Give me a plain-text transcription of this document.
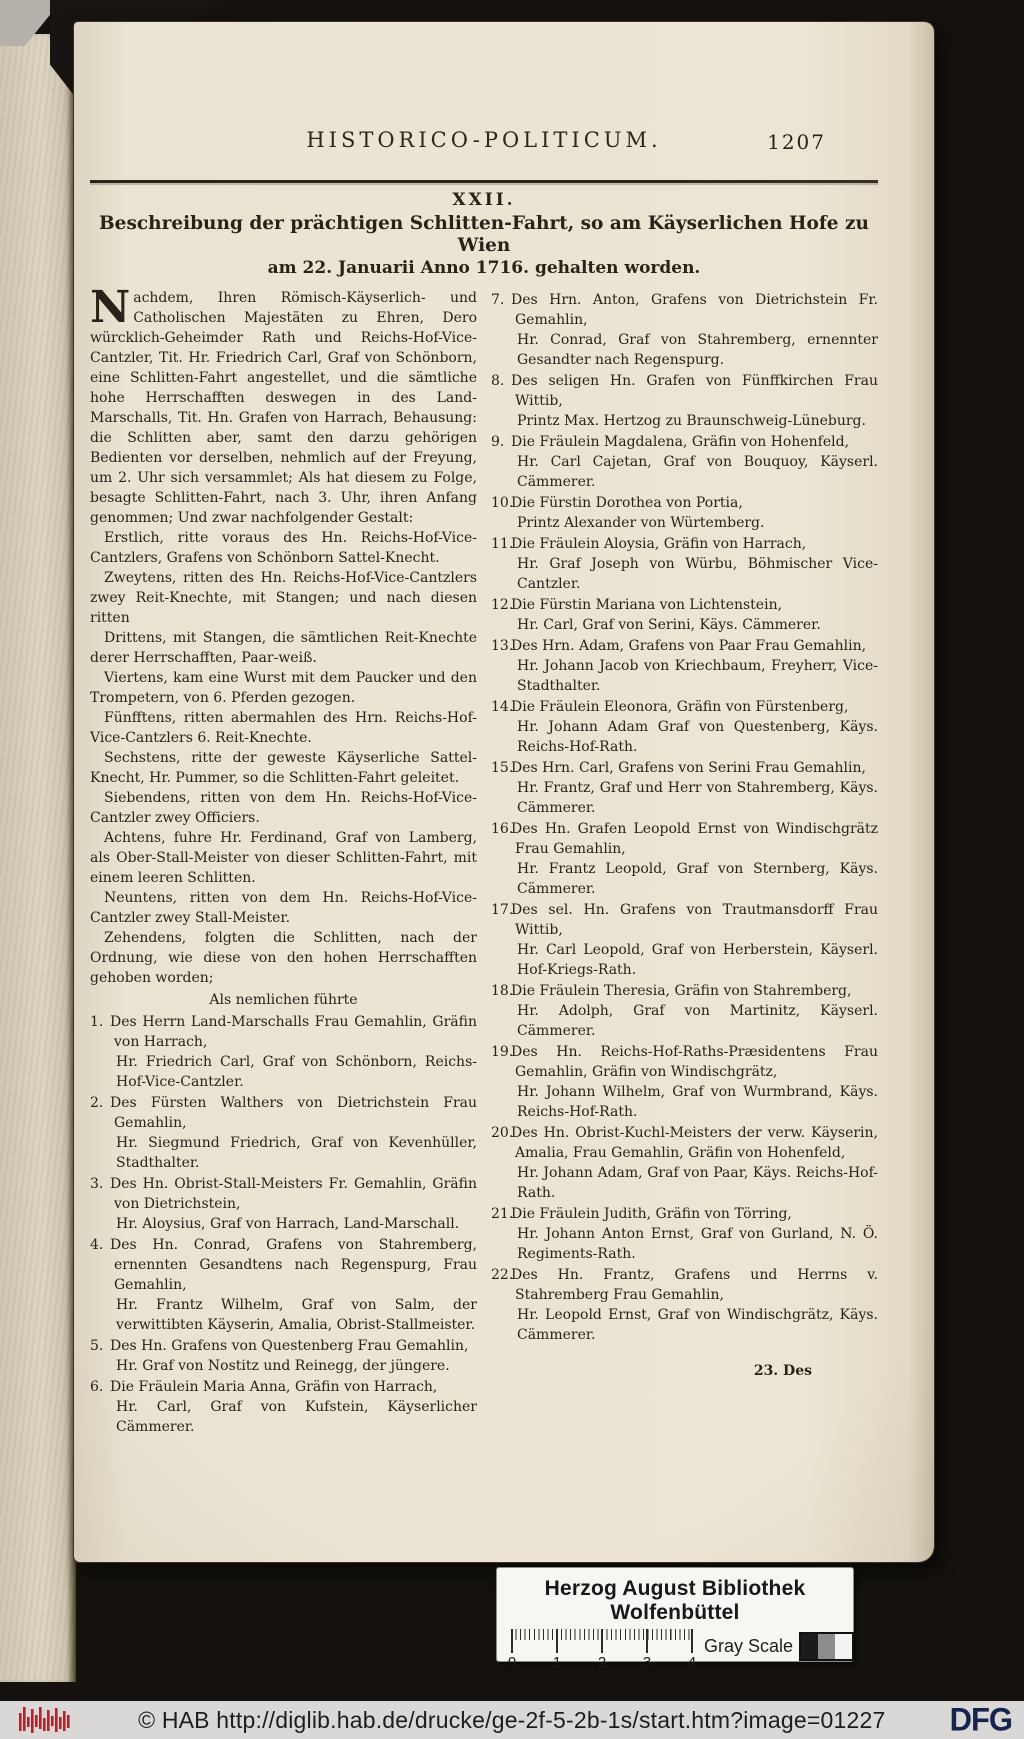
HISTORICO-POLITICUM.	1207
XXII.
Beschreibung der prächtigen Schlitten-Fahrt, so am Käyserlichen Hofe zu Wien
am 22. Januarii Anno 1716. gehalten worden.

Nachdem, Ihren Römisch-Käyserlich- und Catholischen Majestäten zu Ehren, Dero würcklich-Geheimder Rath und Reichs-Hof-Vice-Cantzler, Tit. Hr. Friedrich Carl, Graf von Schönborn, eine Schlitten-Fahrt angestellet, und die sämtliche hohe Herrschafften deswegen in des Land-Marschalls, Tit. Hn. Grafen von Harrach, Behausung: die Schlitten aber, samt den darzu gehörigen Bedienten vor derselben, nehmlich auf der Freyung, um 2. Uhr sich versammlet; Als hat diesem zu Folge, besagte Schlitten-Fahrt, nach 3. Uhr, ihren Anfang genommen; Und zwar nachfolgender Gestalt:

Erstlich, ritte voraus des Hn. Reichs-Hof-Vice-Cantzlers, Grafens von Schönborn Sattel-Knecht.

Zweytens, ritten des Hn. Reichs-Hof-Vice-Cantzlers zwey Reit-Knechte, mit Stangen; und nach diesen ritten

Drittens, mit Stangen, die sämtlichen Reit-Knechte derer Herrschafften, Paar-weiß.

Viertens, kam eine Wurst mit dem Paucker und den Trompetern, von 6. Pferden gezogen.

Fünfftens, ritten abermahlen des Hrn. Reichs-Hof-Vice-Cantzlers 6. Reit-Knechte.

Sechstens, ritte der geweste Käyserliche Sattel-Knecht, Hr. Pummer, so die Schlitten-Fahrt geleitet.

Siebendens, ritten von dem Hn. Reichs-Hof-Vice-Cantzler zwey Officiers.

Achtens, fuhre Hr. Ferdinand, Graf von Lamberg, als Ober-Stall-Meister von dieser Schlitten-Fahrt, mit einem leeren Schlitten.

Neuntens, ritten von dem Hn. Reichs-Hof-Vice-Cantzler zwey Stall-Meister.

Zehendens, folgten die Schlitten, nach der Ordnung, wie diese von den hohen Herrschafften gehoben worden;

Als nemlichen führte
1. Des Herrn Land-Marschalls Frau Gemahlin, Gräfin von Harrach,
Hr. Friedrich Carl, Graf von Schönborn, Reichs-Hof-Vice-Cantzler.
2. Des Fürsten Walthers von Dietrichstein Frau Gemahlin,
Hr. Siegmund Friedrich, Graf von Kevenhüller, Stadthalter.
3. Des Hn. Obrist-Stall-Meisters Fr. Gemahlin, Gräfin von Dietrichstein,
Hr. Aloysius, Graf von Harrach, Land-Marschall.
4. Des Hn. Conrad, Grafens von Stahremberg, ernennten Gesandtens nach Regenspurg, Frau Gemahlin,
Hr. Frantz Wilhelm, Graf von Salm, der verwittibten Käyserin, Amalia, Obrist-Stallmeister.
5. Des Hn. Grafens von Questenberg Frau Gemahlin,
Hr. Graf von Nostitz und Reinegg, der jüngere.
6. Die Fräulein Maria Anna, Gräfin von Harrach,
Hr. Carl, Graf von Kufstein, Käyserlicher Cämmerer.
7. Des Hrn. Anton, Grafens von Dietrichstein Fr. Gemahlin,
Hr. Conrad, Graf von Stahremberg, ernennter Gesandter nach Regenspurg.
8. Des seligen Hn. Grafen von Fünffkirchen Frau Wittib,
Printz Max. Hertzog zu Braunschweig-Lüneburg.
9. Die Fräulein Magdalena, Gräfin von Hohenfeld,
Hr. Carl Cajetan, Graf von Bouquoy, Käyserl. Cämmerer.
10.Die Fürstin Dorothea von Portia,
Printz Alexander von Würtemberg.
11.Die Fräulein Aloysia, Gräfin von Harrach,
Hr. Graf Joseph von Würbu, Böhmischer Vice-Cantzler.
12.Die Fürstin Mariana von Lichtenstein,
Hr. Carl, Graf von Serini, Käys. Cämmerer.
13.Des Hrn. Adam, Grafens von Paar Frau Gemahlin,
Hr. Johann Jacob von Kriechbaum, Freyherr, Vice-Stadthalter.
14.Die Fräulein Eleonora, Gräfin von Fürstenberg,
Hr. Johann Adam Graf von Questenberg, Käys. Reichs-Hof-Rath.
15.Des Hrn. Carl, Grafens von Serini Frau Gemahlin,
Hr. Frantz, Graf und Herr von Stahremberg, Käys. Cämmerer.
16.Des Hn. Grafen Leopold Ernst von Windischgrätz Frau Gemahlin,
Hr. Frantz Leopold, Graf von Sternberg, Käys. Cämmerer.
17.Des sel. Hn. Grafens von Trautmansdorff Frau Wittib,
Hr. Carl Leopold, Graf von Herberstein, Käyserl. Hof-Kriegs-Rath.
18.Die Fräulein Theresia, Gräfin von Stahremberg,
Hr. Adolph, Graf von Martinitz, Käyserl. Cämmerer.
19.Des Hn. Reichs-Hof-Raths-Præsidentens Frau Gemahlin, Gräfin von Windischgrätz,
Hr. Johann Wilhelm, Graf von Wurmbrand, Käys. Reichs-Hof-Rath.
20.Des Hn. Obrist-Kuchl-Meisters der verw. Käyserin, Amalia, Frau Gemahlin, Gräfin von Hohenfeld,
Hr. Johann Adam, Graf von Paar, Käys. Reichs-Hof-Rath.
21.Die Fräulein Judith, Gräfin von Törring,
Hr. Johann Anton Ernst, Graf von Gurland, N. Ö. Regiments-Rath.
22.Des Hn. Frantz, Grafens und Herrns v. Stahremberg Frau Gemahlin,
Hr. Leopold Ernst, Graf von Windischgrätz, Käys. Cämmerer.
23. Des
Herzog August Bibliothek Wolfenbüttel
0 1 2 3 4
Gray Scale
© HAB http://diglib.hab.de/drucke/ge-2f-5-2b-1s/start.htm?image=01227	DFG
